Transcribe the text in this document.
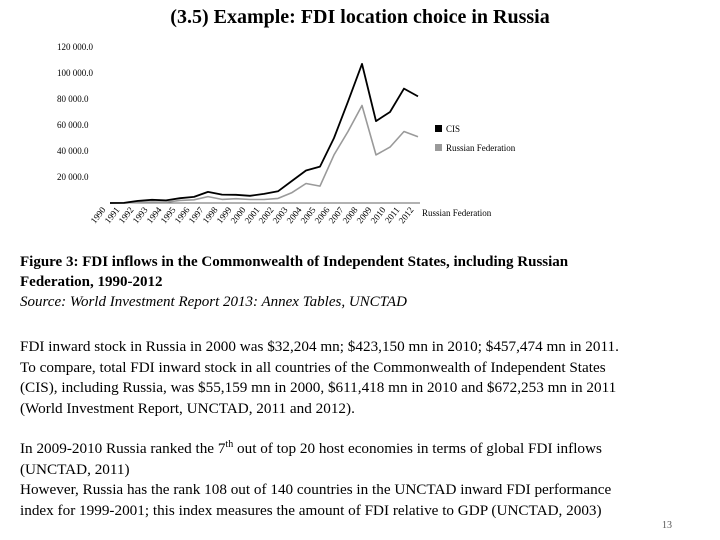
(3.5) Example: FDI location choice in Russia
120 000.0
100 000.0
80 000.0
60 000.0
40 000.0
20 000.0
1990
1991
1992
1993
1994
1995
1996
1997
1998
1999
2000
2001
2002
2003
2004
2005
2006
2007
2008
2009
2010
2011
2012
CIS
Russian Federation
Russian Federation
Figure 3: FDI inflows in the Commonwealth of Independent States, including Russian
Federation, 1990-2012
Source: World Investment Report 2013: Annex Tables, UNCTAD
FDI inward stock in Russia in 2000 was $32,204 mn; $423,150 mn in 2010; $457,474 mn in 2011.
To compare, total FDI inward stock in all countries of the Commonwealth of Independent States
(CIS), including Russia, was $55,159 mn in 2000, $611,418 mn in 2010 and $672,253 mn in 2011
(World Investment Report, UNCTAD, 2011 and 2012).
In 2009-2010 Russia ranked the 7th out of top 20 host economies in terms of global FDI inflows
(UNCTAD, 2011)
However, Russia has the rank 108 out of 140 countries in the UNCTAD inward FDI performance
index for 1999-2001; this index measures the amount of FDI relative to GDP (UNCTAD, 2003)
13
